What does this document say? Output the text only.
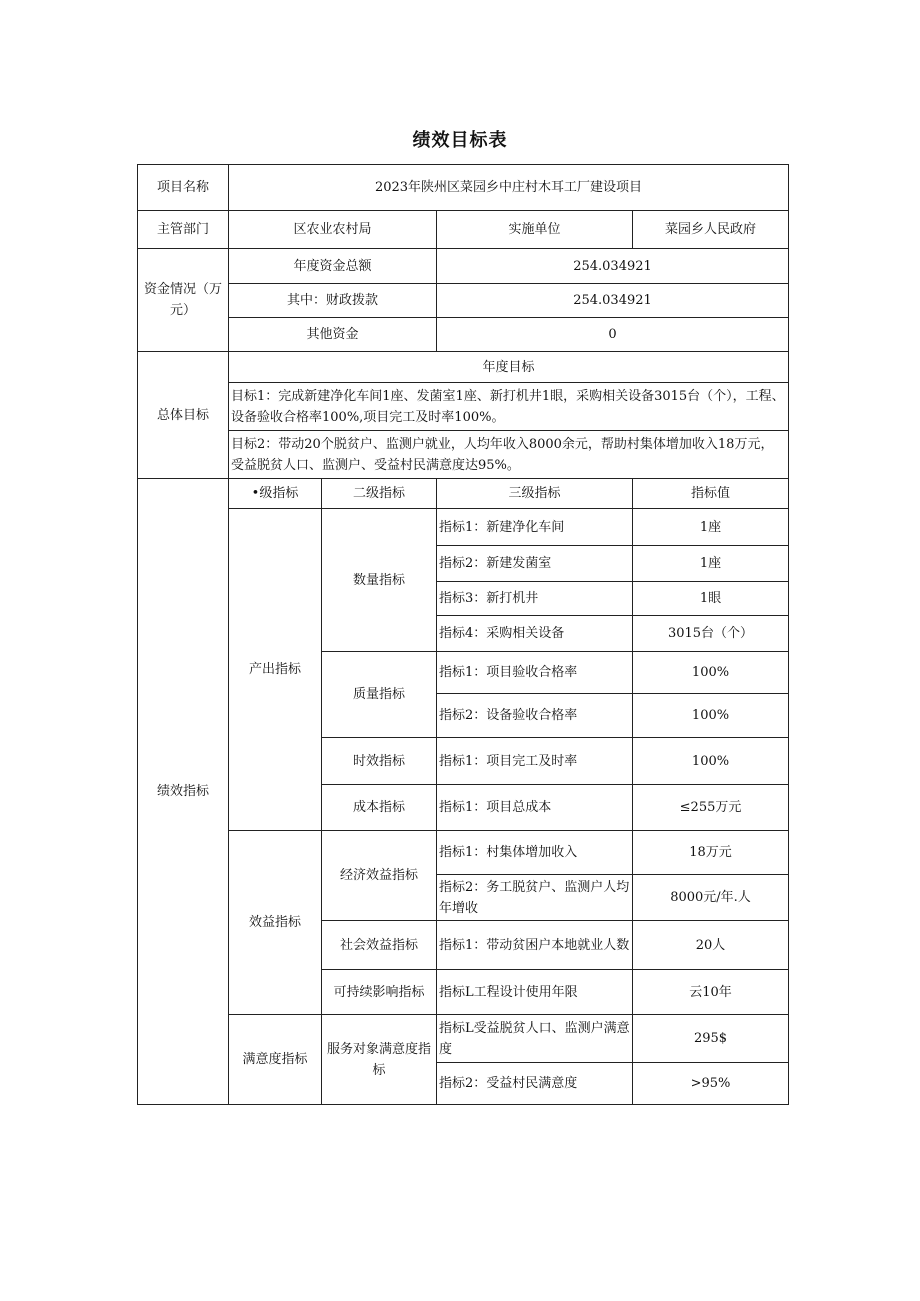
绩效目标表
项目名称	2023年陕州区菜园乡中庄村木耳工厂建设项目			
主管部门	区农业农村局		实施单位	菜园乡人民政府
资金情况（万元）	年度资金总额		254.034921	
	其中：财政拨款		254.034921	
	其他资金		0	
总体目标	年度目标			
	目标1：完成新建净化车间1座、发菌室1座、新打机井1眼，采购相关设备3015台（个），工程、设备验收合格率100%,项目完工及时率100%。			
	目标2：带动20个脱贫户、监测户就业，人均年收入8000余元，帮助村集体增加收入18万元，受益脱贫人口、监测户、受益村民满意度达95%。			
绩效指标	•级指标	二级指标	三级指标	指标值
	产出指标	数量指标	指标1：新建净化车间	1座
			指标2：新建发菌室	1座
			指标3：新打机井	1眼
			指标4：采购相关设备	3015台（个）
		质量指标	指标1：项目验收合格率	100%
			指标2：设备验收合格率	100%
		时效指标	指标1：项目完工及时率	100%
		成本指标	指标1：项目总成本	≤255万元
	效益指标	经济效益指标	指标1：村集体增加收入	18万元
			指标2：务工脱贫户、监测户人均年增收	8000元/年.人
		社会效益指标	指标1：带动贫困户本地就业人数	20人
		可持续影响指标	指标L工程设计使用年限	云10年
	满意度指标	服务对象满意度指标	指标L受益脱贫人口、监测户满意度	295$
			指标2：受益村民满意度	>95%
